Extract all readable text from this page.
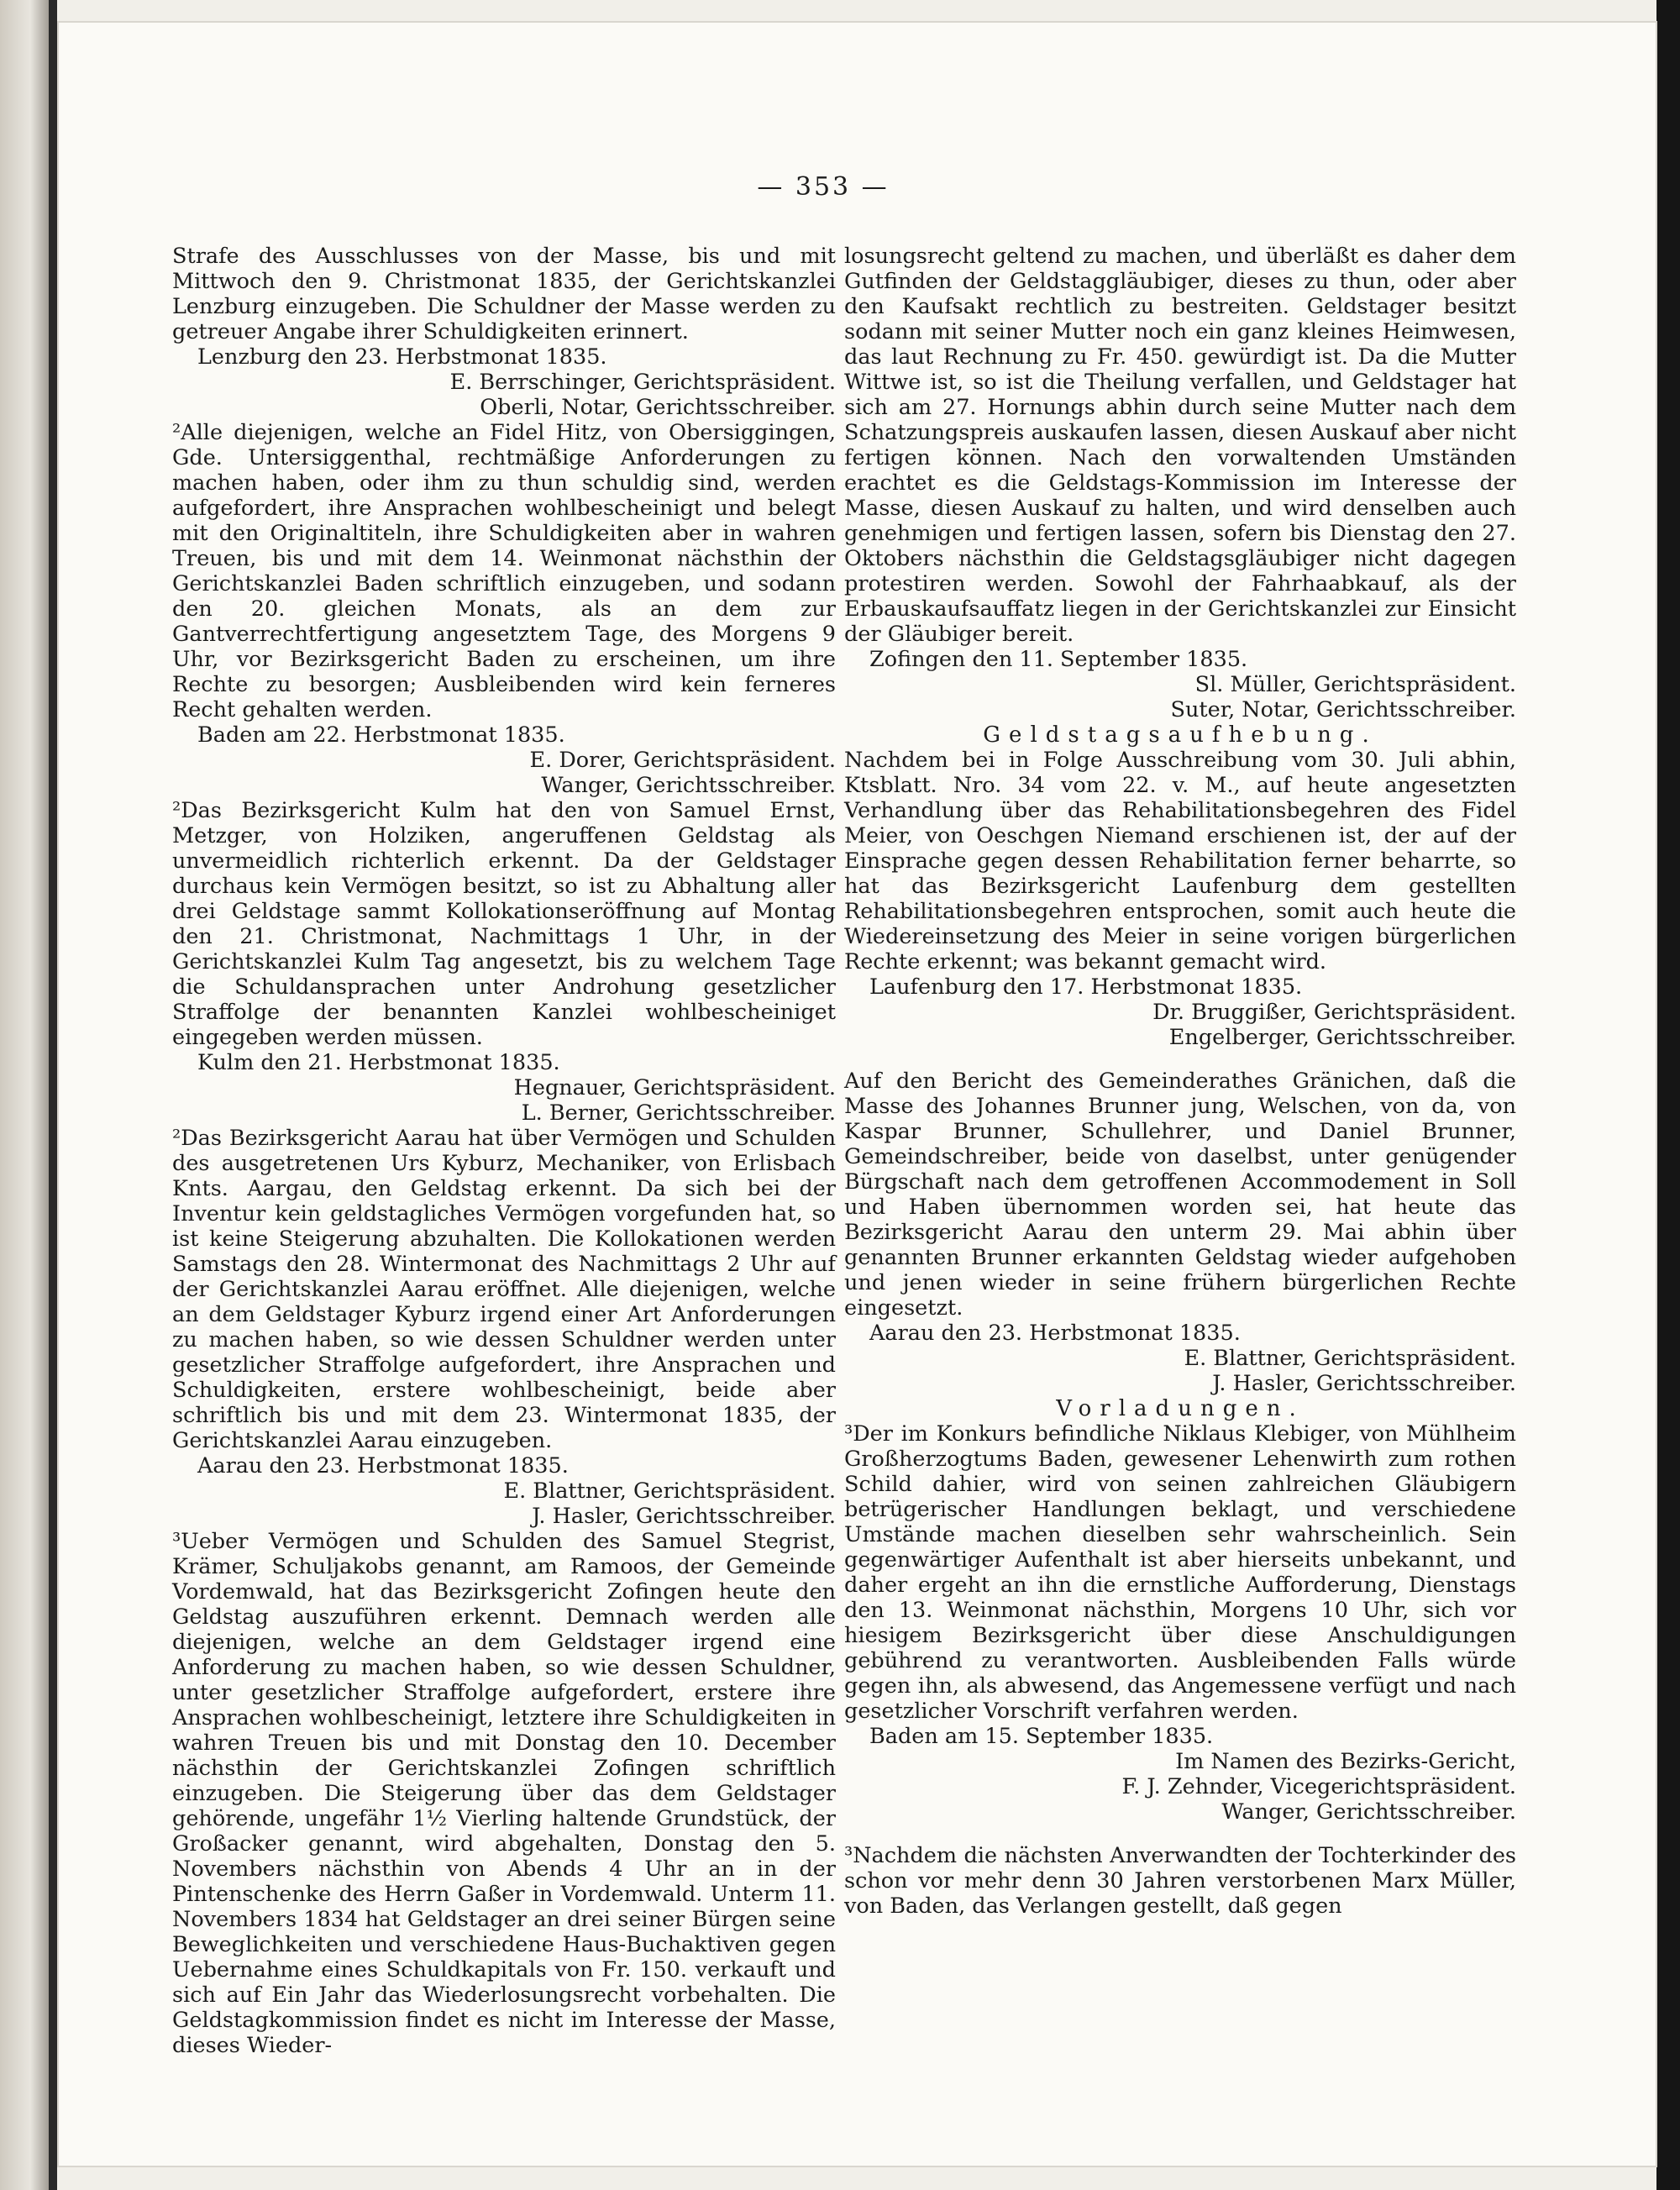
— 353 —

Strafe des Ausschlusses von der Masse, bis und mit Mittwoch den 9. Christmonat 1835, der Gerichtskanzlei Lenzburg einzugeben. Die Schuldner der Masse werden zu getreuer Angabe ihrer Schuldigkeiten erinnert.

Lenzburg den 23. Herbstmonat 1835.

E. Berrschinger, Gerichtspräsident.

Oberli, Notar, Gerichtsschreiber.

²Alle diejenigen, welche an Fidel Hitz, von Obersiggingen, Gde. Untersiggenthal, rechtmäßige Anforderungen zu machen haben, oder ihm zu thun schuldig sind, werden aufgefordert, ihre Ansprachen wohlbescheinigt und belegt mit den Originaltiteln, ihre Schuldigkeiten aber in wahren Treuen, bis und mit dem 14. Weinmonat nächsthin der Gerichtskanzlei Baden schriftlich einzugeben, und sodann den 20. gleichen Monats, als an dem zur Gantverrechtfertigung angesetztem Tage, des Morgens 9 Uhr, vor Bezirksgericht Baden zu erscheinen, um ihre Rechte zu besorgen; Ausbleibenden wird kein ferneres Recht gehalten werden.

Baden am 22. Herbstmonat 1835.

E. Dorer, Gerichtspräsident.

Wanger, Gerichtsschreiber.

²Das Bezirksgericht Kulm hat den von Samuel Ernst, Metzger, von Holziken, angeruffenen Geldstag als unvermeidlich richterlich erkennt. Da der Geldstager durchaus kein Vermögen besitzt, so ist zu Abhaltung aller drei Geldstage sammt Kollokationseröffnung auf Montag den 21. Christmonat, Nachmittags 1 Uhr, in der Gerichtskanzlei Kulm Tag angesetzt, bis zu welchem Tage die Schuldansprachen unter Androhung gesetzlicher Straffolge der benannten Kanzlei wohlbescheiniget eingegeben werden müssen.

Kulm den 21. Herbstmonat 1835.

Hegnauer, Gerichtspräsident.

L. Berner, Gerichtsschreiber.

²Das Bezirksgericht Aarau hat über Vermögen und Schulden des ausgetretenen Urs Kyburz, Mechaniker, von Erlisbach Knts. Aargau, den Geldstag erkennt. Da sich bei der Inventur kein geldstagliches Vermögen vorgefunden hat, so ist keine Steigerung abzuhalten. Die Kollokationen werden Samstags den 28. Wintermonat des Nachmittags 2 Uhr auf der Gerichtskanzlei Aarau eröffnet. Alle diejenigen, welche an dem Geldstager Kyburz irgend einer Art Anforderungen zu machen haben, so wie dessen Schuldner werden unter gesetzlicher Straffolge aufgefordert, ihre Ansprachen und Schuldigkeiten, erstere wohlbescheinigt, beide aber schriftlich bis und mit dem 23. Wintermonat 1835, der Gerichtskanzlei Aarau einzugeben.

Aarau den 23. Herbstmonat 1835.

E. Blattner, Gerichtspräsident.

J. Hasler, Gerichtsschreiber.

³Ueber Vermögen und Schulden des Samuel Stegrist, Krämer, Schuljakobs genannt, am Ramoos, der Gemeinde Vordemwald, hat das Bezirksgericht Zofingen heute den Geldstag auszuführen erkennt. Demnach werden alle diejenigen, welche an dem Geldstager irgend eine Anforderung zu machen haben, so wie dessen Schuldner, unter gesetzlicher Straffolge aufgefordert, erstere ihre Ansprachen wohlbescheinigt, letztere ihre Schuldigkeiten in wahren Treuen bis und mit Donstag den 10. December nächsthin der Gerichtskanzlei Zofingen schriftlich einzugeben. Die Steigerung über das dem Geldstager gehörende, ungefähr 1½ Vierling haltende Grundstück, der Großacker genannt, wird abgehalten, Donstag den 5. Novembers nächsthin von Abends 4 Uhr an in der Pintenschenke des Herrn Gaßer in Vordemwald. Unterm 11. Novembers 1834 hat Geldstager an drei seiner Bürgen seine Beweglichkeiten und verschiedene Haus-Buchaktiven gegen Uebernahme eines Schuldkapitals von Fr. 150. verkauft und sich auf Ein Jahr das Wiederlosungsrecht vorbehalten. Die Geldstagkommission findet es nicht im Interesse der Masse, dieses Wieder-

losungsrecht geltend zu machen, und überläßt es daher dem Gutfinden der Geldstaggläubiger, dieses zu thun, oder aber den Kaufsakt rechtlich zu bestreiten. Geldstager besitzt sodann mit seiner Mutter noch ein ganz kleines Heimwesen, das laut Rechnung zu Fr. 450. gewürdigt ist. Da die Mutter Wittwe ist, so ist die Theilung verfallen, und Geldstager hat sich am 27. Hornungs abhin durch seine Mutter nach dem Schatzungspreis auskaufen lassen, diesen Auskauf aber nicht fertigen können. Nach den vorwaltenden Umständen erachtet es die Geldstags-Kommission im Interesse der Masse, diesen Auskauf zu halten, und wird denselben auch genehmigen und fertigen lassen, sofern bis Dienstag den 27. Oktobers nächsthin die Geldstagsgläubiger nicht dagegen protestiren werden. Sowohl der Fahrhaabkauf, als der Erbauskaufsauffatz liegen in der Gerichtskanzlei zur Einsicht der Gläubiger bereit.

Zofingen den 11. September 1835.

Sl. Müller, Gerichtspräsident.

Suter, Notar, Gerichtsschreiber.

Geldstagsaufhebung.

Nachdem bei in Folge Ausschreibung vom 30. Juli abhin, Ktsblatt. Nro. 34 vom 22. v. M., auf heute angesetzten Verhandlung über das Rehabilitationsbegehren des Fidel Meier, von Oeschgen Niemand erschienen ist, der auf der Einsprache gegen dessen Rehabilitation ferner beharrte, so hat das Bezirksgericht Laufenburg dem gestellten Rehabilitationsbegehren entsprochen, somit auch heute die Wiedereinsetzung des Meier in seine vorigen bürgerlichen Rechte erkennt; was bekannt gemacht wird.

Laufenburg den 17. Herbstmonat 1835.

Dr. Bruggißer, Gerichtspräsident.

Engelberger, Gerichtsschreiber.

Auf den Bericht des Gemeinderathes Gränichen, daß die Masse des Johannes Brunner jung, Welschen, von da, von Kaspar Brunner, Schullehrer, und Daniel Brunner, Gemeindschreiber, beide von daselbst, unter genügender Bürgschaft nach dem getroffenen Accommodement in Soll und Haben übernommen worden sei, hat heute das Bezirksgericht Aarau den unterm 29. Mai abhin über genannten Brunner erkannten Geldstag wieder aufgehoben und jenen wieder in seine frühern bürgerlichen Rechte eingesetzt.

Aarau den 23. Herbstmonat 1835.

E. Blattner, Gerichtspräsident.

J. Hasler, Gerichtsschreiber.

Vorladungen.

³Der im Konkurs befindliche Niklaus Klebiger, von Mühlheim Großherzogtums Baden, gewesener Lehenwirth zum rothen Schild dahier, wird von seinen zahlreichen Gläubigern betrügerischer Handlungen beklagt, und verschiedene Umstände machen dieselben sehr wahrscheinlich. Sein gegenwärtiger Aufenthalt ist aber hierseits unbekannt, und daher ergeht an ihn die ernstliche Aufforderung, Dienstags den 13. Weinmonat nächsthin, Morgens 10 Uhr, sich vor hiesigem Bezirksgericht über diese Anschuldigungen gebührend zu verantworten. Ausbleibenden Falls würde gegen ihn, als abwesend, das Angemessene verfügt und nach gesetzlicher Vorschrift verfahren werden.

Baden am 15. September 1835.

Im Namen des Bezirks-Gericht,

F. J. Zehnder, Vicegerichtspräsident.

Wanger, Gerichtsschreiber.

³Nachdem die nächsten Anverwandten der Tochterkinder des schon vor mehr denn 30 Jahren verstorbenen Marx Müller, von Baden, das Verlangen gestellt, daß gegen
